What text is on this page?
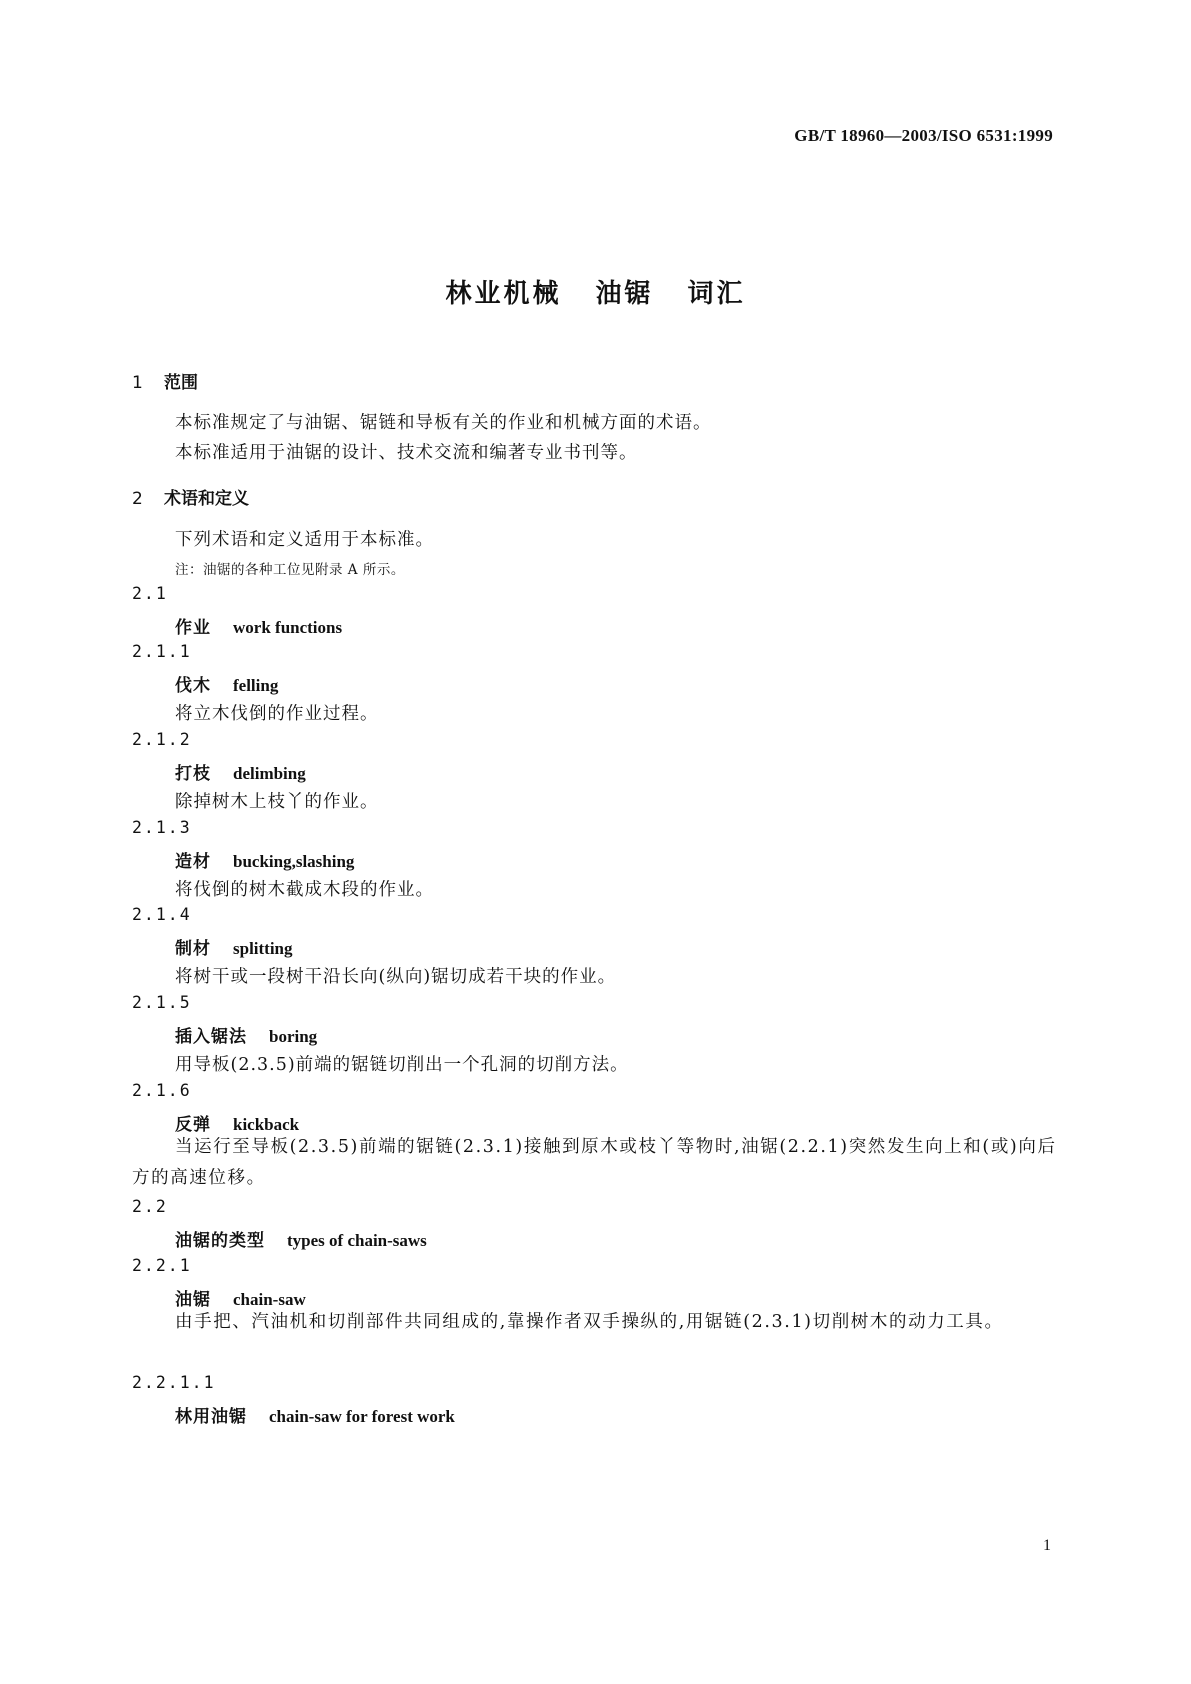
GB/T 18960—2003/ISO 6531:1999
林业机械 油锯 词汇
1 范围
本标准规定了与油锯、锯链和导板有关的作业和机械方面的术语。
本标准适用于油锯的设计、技术交流和编著专业书刊等。
2 术语和定义
下列术语和定义适用于本标准。
注：油锯的各种工位见附录 A 所示。
2.1
作业 work functions
2.1.1
伐木 felling
将立木伐倒的作业过程。
2.1.2
打枝 delimbing
除掉树木上枝丫的作业。
2.1.3
造材 bucking,slashing
将伐倒的树木截成木段的作业。
2.1.4
制材 splitting
将树干或一段树干沿长向(纵向)锯切成若干块的作业。
2.1.5
插入锯法 boring
用导板(2.3.5)前端的锯链切削出一个孔洞的切削方法。
2.1.6
反弹 kickback
当运行至导板(2.3.5)前端的锯链(2.3.1)接触到原木或枝丫等物时,油锯(2.2.1)突然发生向上和(或)向后方的高速位移。
2.2
油锯的类型 types of chain-saws
2.2.1
油锯 chain-saw
由手把、汽油机和切削部件共同组成的,靠操作者双手操纵的,用锯链(2.3.1)切削树木的动力工具。
2.2.1.1
林用油锯 chain-saw for forest work
1
